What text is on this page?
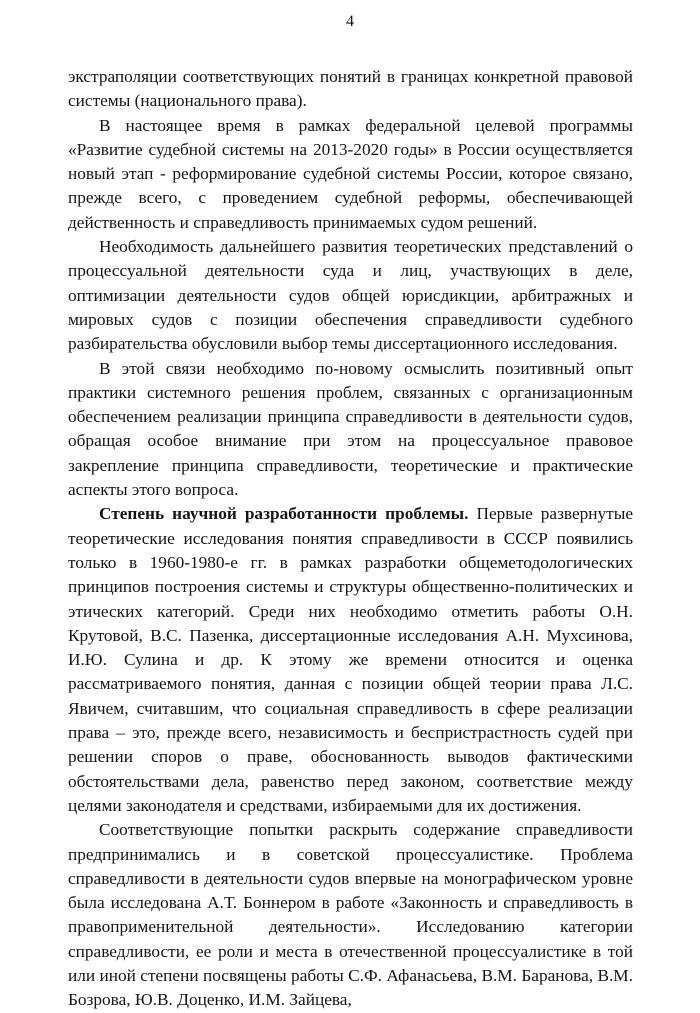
4

экстраполяции соответствующих понятий в границах конкретной правовой системы (национального права).

В настоящее время в рамках федеральной целевой программы «Развитие судебной системы на 2013-2020 годы» в России осуществляется новый этап - реформирование судебной системы России, которое связано, прежде всего, с проведением судебной реформы, обеспечивающей действенность и справедливость принимаемых судом решений.

Необходимость дальнейшего развития теоретических представлений о процессуальной деятельности суда и лиц, участвующих в деле, оптимизации деятельности судов общей юрисдикции, арбитражных и мировых судов с позиции обеспечения справедливости судебного разбирательства обусловили выбор темы диссертационного исследования.

В этой связи необходимо по-новому осмыслить позитивный опыт практики системного решения проблем, связанных с организационным обеспечением реализации принципа справедливости в деятельности судов, обращая особое внимание при этом на процессуальное правовое закрепление принципа справедливости, теоретические и практические аспекты этого вопроса.

Степень научной разработанности проблемы. Первые развернутые теоретические исследования понятия справедливости в СССР появились только в 1960-1980-е гг. в рамках разработки общеметодологических принципов построения системы и структуры общественно-политических и этических категорий. Среди них необходимо отметить работы О.Н. Крутовой, В.С. Пазенка, диссертационные исследования А.Н. Мухсинова, И.Ю. Сулина и др. К этому же времени относится и оценка рассматриваемого понятия, данная с позиции общей теории права Л.С. Явичем, считавшим, что социальная справедливость в сфере реализации права – это, прежде всего, независимость и беспристрастность судей при решении споров о праве, обоснованность выводов фактическими обстоятельствами дела, равенство перед законом, соответствие между целями законодателя и средствами, избираемыми для их достижения.

Соответствующие попытки раскрыть содержание справедливости предпринимались и в советской процессуалистике. Проблема справедливости в деятельности судов впервые на монографическом уровне была исследована А.Т. Боннером в работе «Законность и справедливость в правоприменительной деятельности». Исследованию категории справедливости, ее роли и места в отечественной процессуалистике в той или иной степени посвящены работы С.Ф. Афанасьева, В.М. Баранова, В.М. Бозрова, Ю.В. Доценко, И.М. Зайцева,
